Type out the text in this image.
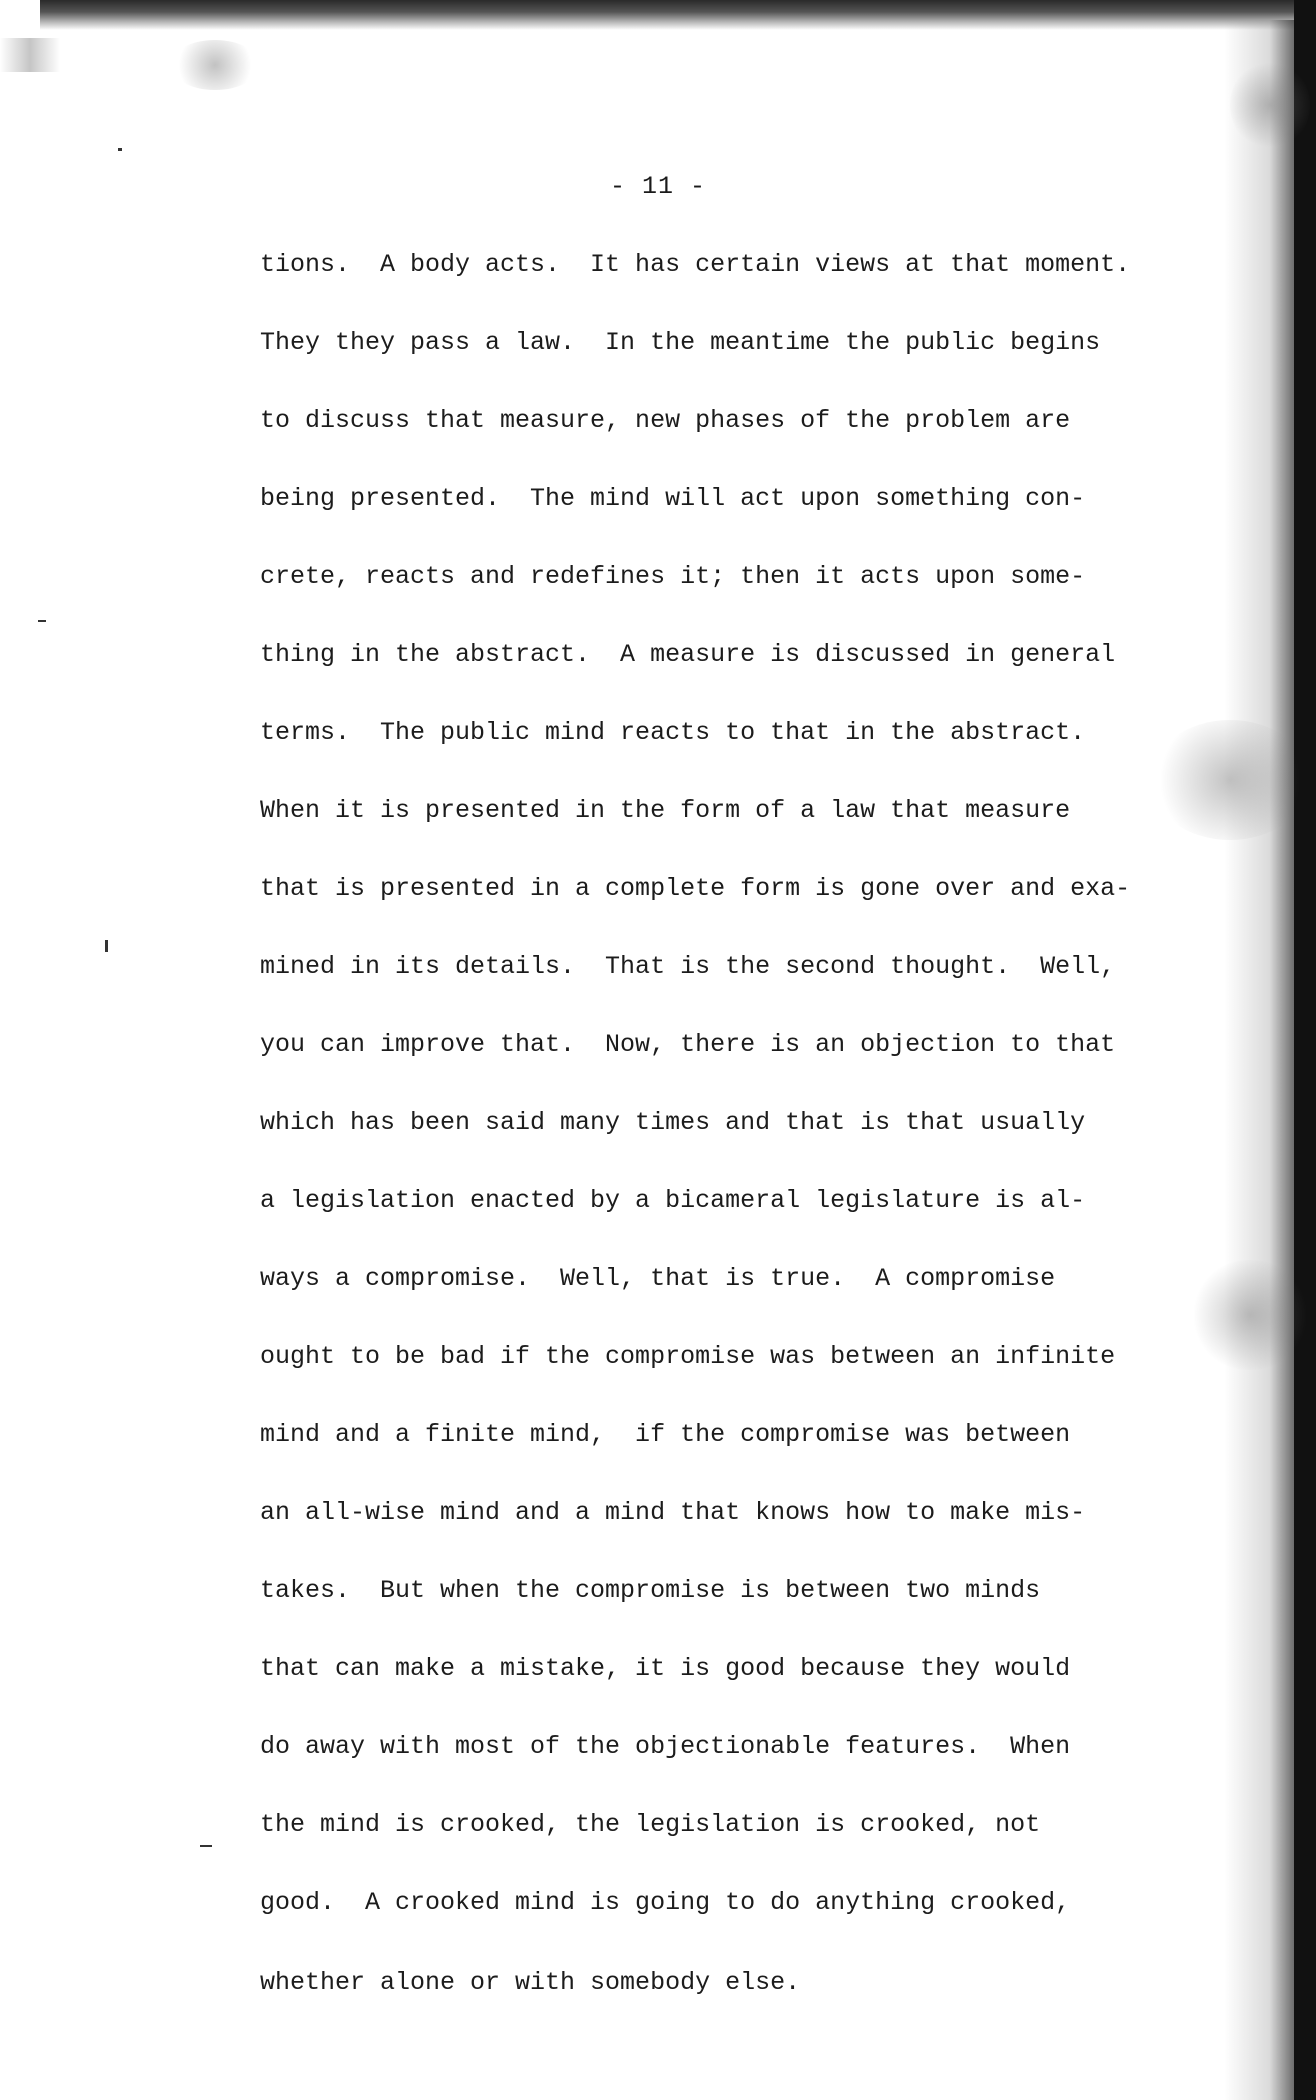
- 11 -
tions.  A body acts.  It has certain views at that moment.
They they pass a law.  In the meantime the public begins
to discuss that measure, new phases of the problem are
being presented.  The mind will act upon something con-
crete, reacts and redefines it; then it acts upon some-
thing in the abstract.  A measure is discussed in general
terms.  The public mind reacts to that in the abstract.
When it is presented in the form of a law that measure
that is presented in a complete form is gone over and exa-
mined in its details.  That is the second thought.  Well,
you can improve that.  Now, there is an objection to that
which has been said many times and that is that usually
a legislation enacted by a bicameral legislature is al-
ways a compromise.  Well, that is true.  A compromise
ought to be bad if the compromise was between an infinite
mind and a finite mind,  if the compromise was between
an all-wise mind and a mind that knows how to make mis-
takes.  But when the compromise is between two minds
that can make a mistake, it is good because they would
do away with most of the objectionable features.  When
the mind is crooked, the legislation is crooked, not
good.  A crooked mind is going to do anything crooked,
whether alone or with somebody else.
